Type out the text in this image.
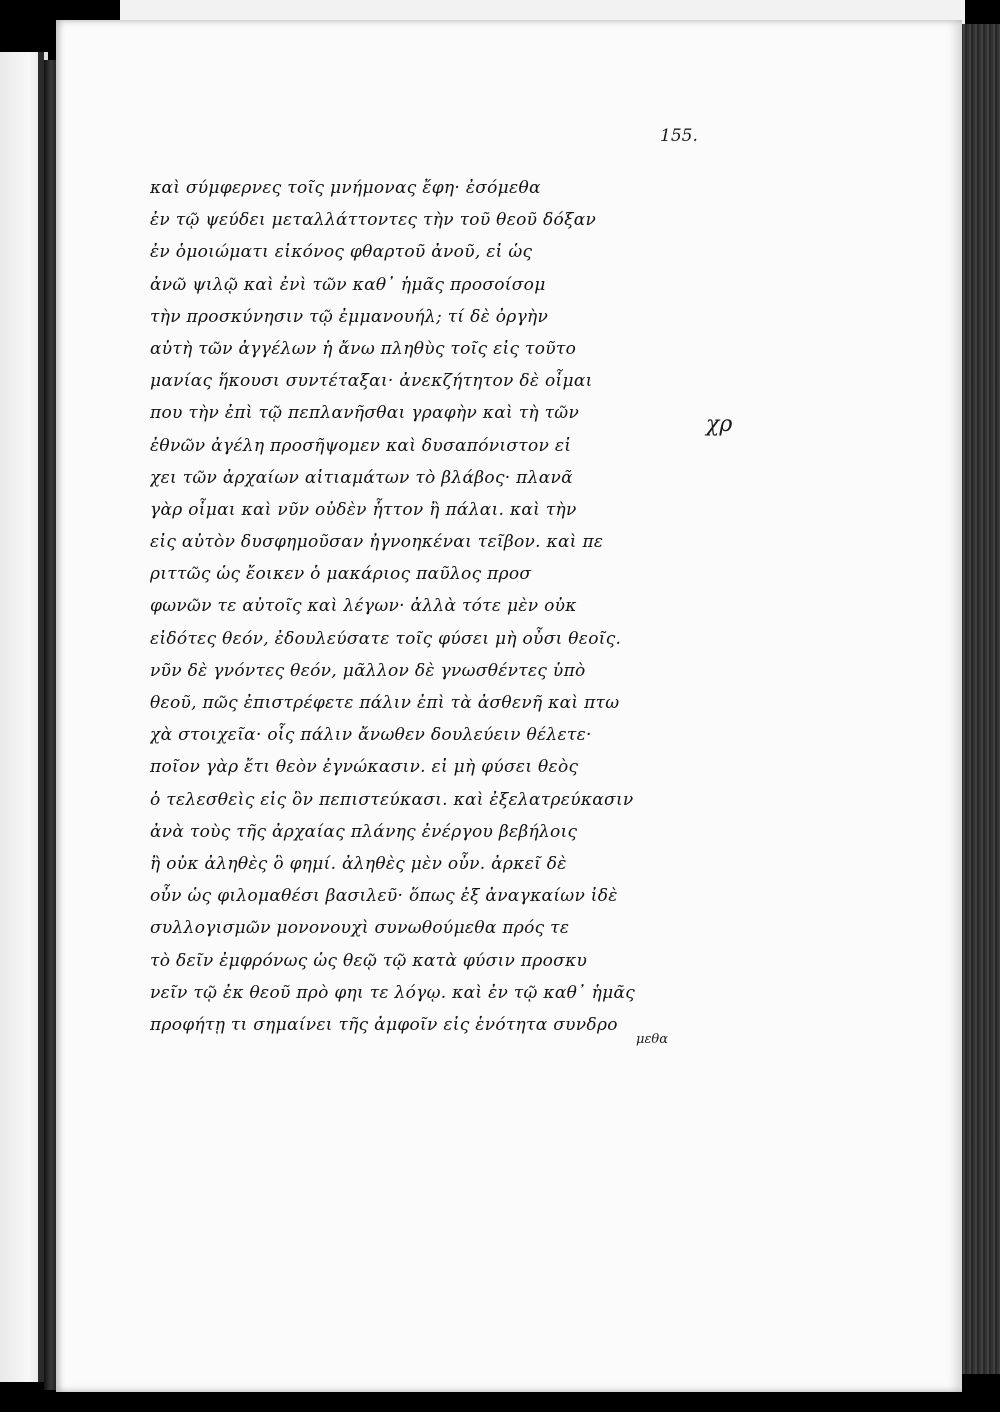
155.
χρ
καὶ σύμφερνες τοῖς μνήμονας ἔφη· ἐσόμεθα
ἐν τῷ ψεύδει μεταλλάττοντες τὴν τοῦ θεοῦ δόξαν
ἐν ὁμοιώματι εἰκόνος φθαρτοῦ ἀνοῦ, εἰ ὡς
ἀνῶ ψιλῷ καὶ ἐνὶ τῶν καθ᾽ ἡμᾶς προσοίσομ
τὴν προσκύνησιν τῷ ἐμμανουήλ; τί δὲ ὀργὴν
αὐτὴ τῶν ἀγγέλων ἡ ἄνω πληθὺς τοῖς εἰς τοῦτο
μανίας ἥκουσι συντέταξαι· ἀνεκζήτητον δὲ οἶμαι
που τὴν ἐπὶ τῷ πεπλανῆσθαι γραφὴν καὶ τὴ τῶν
ἐθνῶν ἀγέλη προσῆψομεν καὶ δυσαπόνιστον εἰ
χει τῶν ἀρχαίων αἰτιαμάτων τὸ βλάβος· πλανᾶ
γὰρ οἶμαι καὶ νῦν οὐδὲν ἧττον ἢ πάλαι. καὶ τὴν
εἰς αὐτὸν δυσφημοῦσαν ἠγνοηκέναι τεῖβον. καὶ πε
ριττῶς ὡς ἔοικεν ὁ μακάριος παῦλος προσ
φωνῶν τε αὐτοῖς καὶ λέγων· ἀλλὰ τότε μὲν οὐκ
εἰδότες θεόν, ἐδουλεύσατε τοῖς φύσει μὴ οὖσι θεοῖς.
νῦν δὲ γνόντες θεόν, μᾶλλον δὲ γνωσθέντες ὑπὸ
θεοῦ, πῶς ἐπιστρέφετε πάλιν ἐπὶ τὰ ἀσθενῆ καὶ πτω
χὰ στοιχεῖα· οἷς πάλιν ἄνωθεν δουλεύειν θέλετε·
ποῖον γὰρ ἔτι θεὸν ἐγνώκασιν. εἰ μὴ φύσει θεὸς
ὁ τελεσθεὶς εἰς ὃν πεπιστεύκασι. καὶ ἐξελατρεύκασιν
ἀνὰ τοὺς τῆς ἀρχαίας πλάνης ἐνέργου βεβήλοις
ἢ οὐκ ἀληθὲς ὃ φημί. ἀληθὲς μὲν οὖν. ἀρκεῖ δὲ
οὖν ὡς φιλομαθέσι βασιλεῦ· ὅπως ἐξ ἀναγκαίων ἰδὲ
συλλογισμῶν μονονουχὶ συνωθούμεθα πρός τε
τὸ δεῖν ἐμφρόνως ὡς θεῷ τῷ κατὰ φύσιν προσκυ
νεῖν τῷ ἐκ θεοῦ πρὸ φηι τε λόγῳ. καὶ ἐν τῷ καθ᾽ ἡμᾶς
προφήτῃ τι σημαίνει τῆς ἀμφοῖν εἰς ἑνότητα συνδρο
μεθα
